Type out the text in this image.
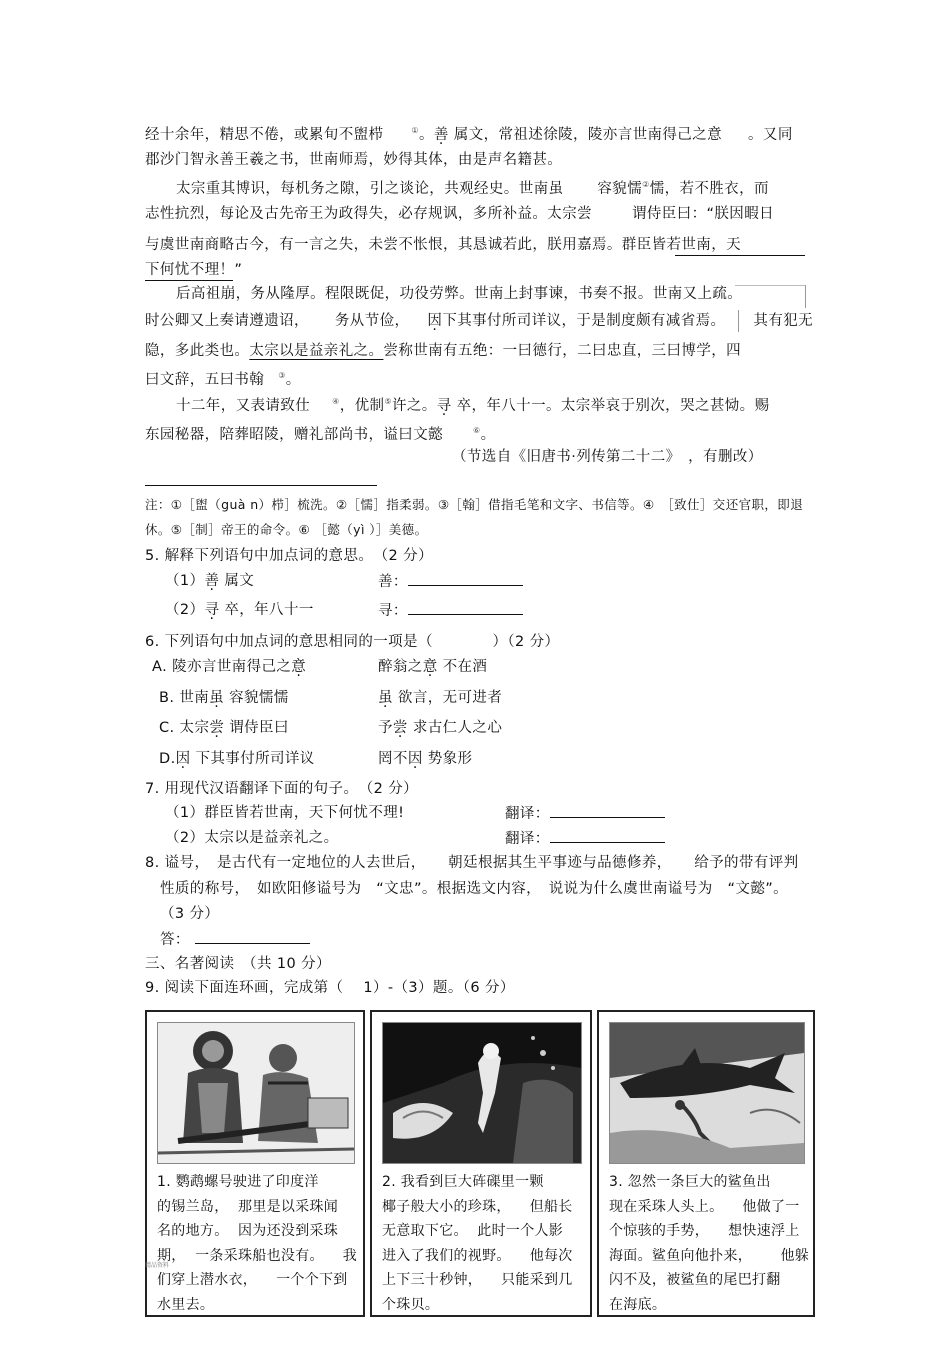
经十余年，精思不倦，或累旬不盥栉	①。善 属文，常祖述徐陵，陵亦言世南得己之意 。又同
郡沙门智永善王羲之书，世南师焉，妙得其体，由是声名籍甚。
太宗重其博识，每机务之隙，引之谈论，共观经史。世南虽 容貌懦②懦，若不胜衣，而
志性抗烈，每论及古先帝王为政得失，必存规讽，多所补益。太宗尝	谓侍臣曰：“朕因暇日
与虞世南商略古今，有一言之失，未尝不怅恨，其恳诚若此，朕用嘉焉。群臣皆若世南，天
下何忧不理！”
后高祖崩，务从隆厚。程限既促，功役劳弊。世南上封事谏，书奏不报。世南又上疏。
时公卿又上奏请遵遗诏， 务从节俭， 因下其事付所司详议，于是制度颇有减省焉。 其有犯无
隐，多此类也。太宗以是益亲礼之。尝称世南有五绝：一曰德行，二曰忠直，三曰博学，四
曰文辞，五曰书翰 ③。
十二年，又表请致仕	④，优制⑤许之。寻 卒，年八十一。太宗举哀于别次，哭之甚恸。赐
东园秘器，陪葬昭陵，赠礼部尚书，谥曰文懿	⑥。
（节选自《旧唐书·列传第二十二》　，有删改）
注：①［盥（guà n）栉］梳洗。②［懦］指柔弱。③［翰］借指毛笔和文字、书信等。④　［致仕］交还官职，即退
休。⑤［制］帝王的命令。⑥ ［懿（yì ）］美德。
5. 解释下列语句中加点词的意思。　（2 分）
（1）善 属文	善：
（2）寻 卒，年八十一	寻：
6. 下列语句中加点词的意思相同的一项是（　　　　）（2 分）
A. 陵亦言世南得己之意	醉翁之意 不在酒
B. 世南虽 容貌懦懦	虽 欲言，无可进者
C. 太宗尝 谓侍臣曰	予尝 求古仁人之心
D.因 下其事付所司详议	罔不因 势象形
7. 用现代汉语翻译下面的句子。　（2 分）
（1）群臣皆若世南，天下何忧不理!	翻译：
（2）太宗以是益亲礼之。	翻译：
8. 谥号，　是古代有一定地位的人去世后，　　朝廷根据其生平事迹与品德修养，　　给予的带有评判
性质的称号，　如欧阳修谥号为　“文忠”。根据选文内容，　说说为什么虞世南谥号为　“文懿”。
（3 分）
答：
三、名著阅读　（共 10 分）
9. 阅读下面连环画，完成第（　 1）-（3）题。（6 分）
1. 鹦鹉螺号驶进了印度洋
的锡兰岛，  那里是以采珠闻
名的地方。  因为还没到采珠
期，  一条采珠船也没有。    我
们穿上潜水衣，    一个个下到
水里去。
精品资料
2. 我看到巨大砗磲里一颗
椰子般大小的珍珠，    但船长
无意取下它。  此时一个人影
进入了我们的视野。    他每次
上下三十秒钟，    只能采到几
个珠贝。
3. 忽然一条巨大的鲨鱼出
现在采珠人头上。    他做了一
个惊骇的手势，    想快速浮上
海面。鲨鱼向他扑来，      他躲
闪不及，被鲨鱼的尾巴打翻
在海底。
